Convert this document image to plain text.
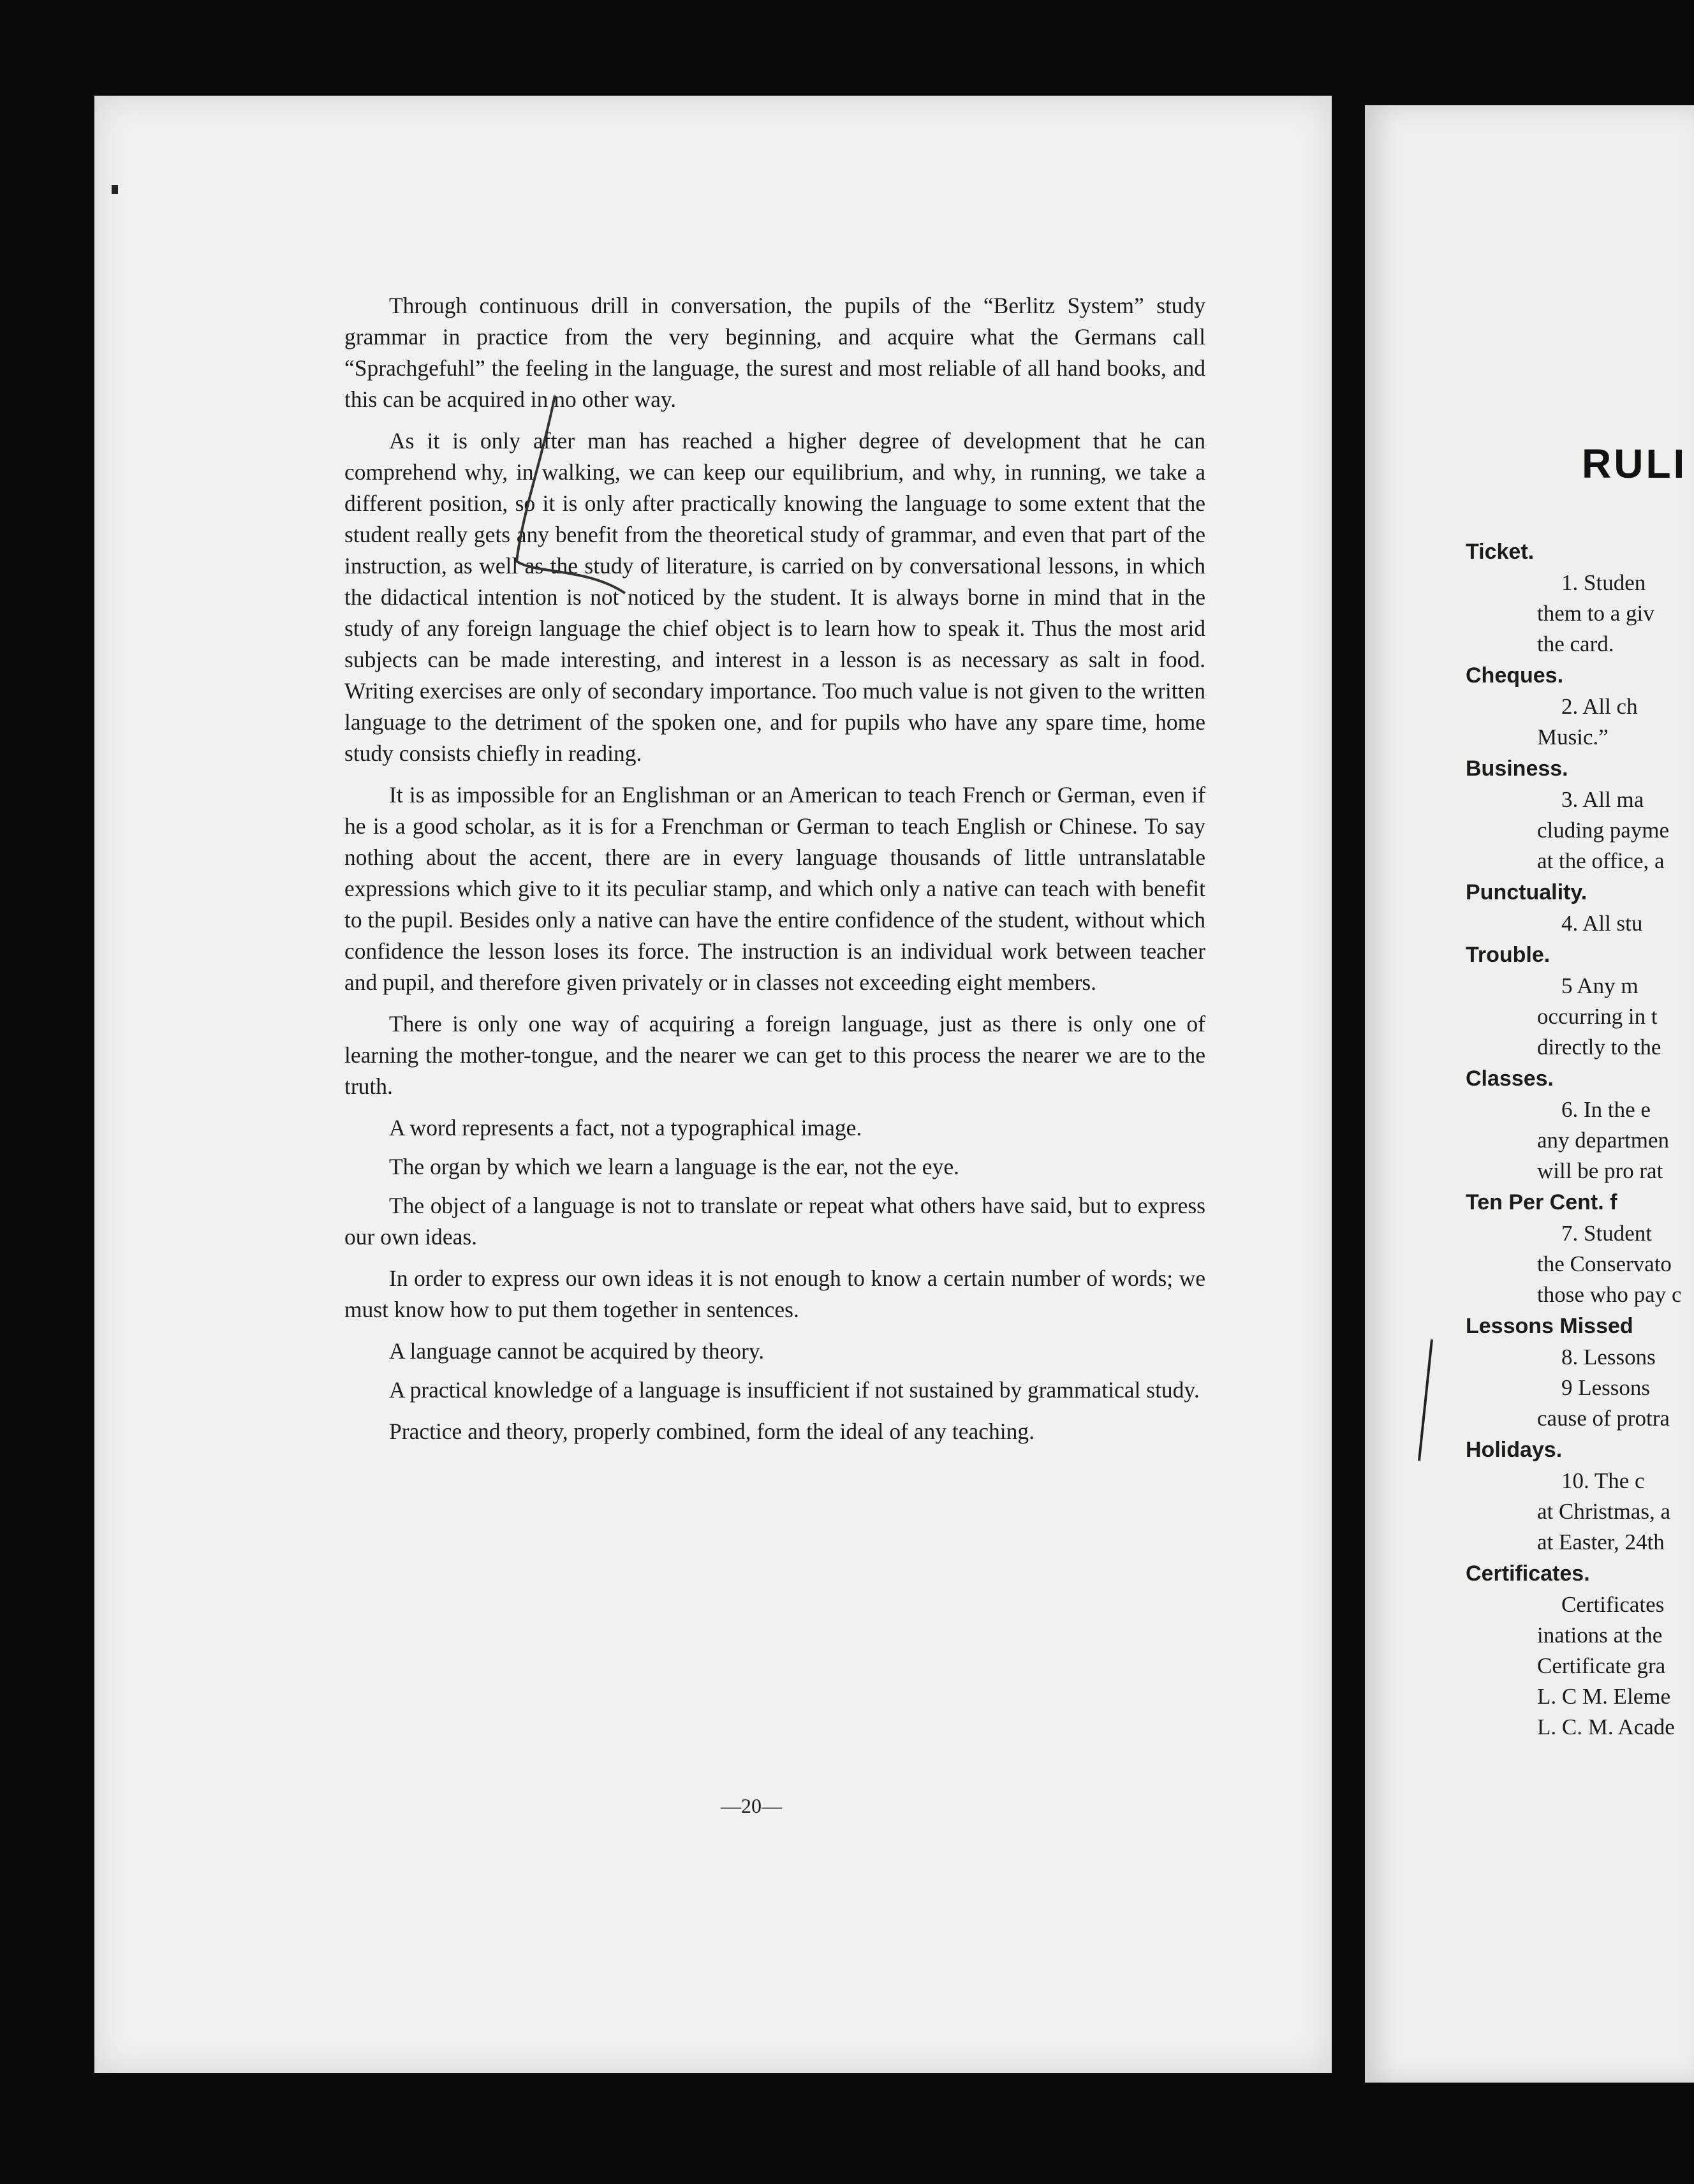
Through continuous drill in conversation, the pupils of the “Berlitz System” study grammar in practice from the very beginning, and acquire what the Germans call “Sprachgefuhl” the feeling in the language, the surest and most reliable of all hand books, and this can be acquired in no other way.

As it is only after man has reached a higher degree of development that he can comprehend why, in walking, we can keep our equilibrium, and why, in running, we take a different position, so it is only after practically knowing the language to some extent that the student really gets any benefit from the theoretical study of grammar, and even that part of the instruction, as well as the study of literature, is carried on by conversational lessons, in which the didactical intention is not noticed by the student. It is always borne in mind that in the study of any foreign language the chief object is to learn how to speak it. Thus the most arid subjects can be made interesting, and interest in a lesson is as necessary as salt in food. Writing exercises are only of secondary importance. Too much value is not given to the written language to the detriment of the spoken one, and for pupils who have any spare time, home study consists chiefly in reading.

It is as impossible for an Englishman or an American to teach French or German, even if he is a good scholar, as it is for a Frenchman or German to teach English or Chinese. To say nothing about the accent, there are in every language thousands of little untranslatable expressions which give to it its peculiar stamp, and which only a native can teach with benefit to the pupil. Besides only a native can have the entire confidence of the student, without which confidence the lesson loses its force. The instruction is an individual work between teacher and pupil, and therefore given privately or in classes not exceeding eight members.

There is only one way of acquiring a foreign language, just as there is only one of learning the mother-tongue, and the nearer we can get to this process the nearer we are to the truth.

A word represents a fact, not a typographical image.

The organ by which we learn a language is the ear, not the eye.

The object of a language is not to translate or repeat what others have said, but to express our own ideas.

In order to express our own ideas it is not enough to know a certain number of words; we must know how to put them together in sentences.

A language cannot be acquired by theory.

A practical knowledge of a language is insufficient if not sustained by grammatical study.

Practice and theory, properly combined, form the ideal of any teaching.

—20—
RULI
Ticket.
1. Studen
them to a giv
the card.
Cheques.
2. All ch
Music.”
Business.
3. All ma
cluding payme
at the office, a
Punctuality.
4. All stu
Trouble.
5 Any m
occurring in t
directly to the
Classes.
6. In the e
any departmen
will be pro rat
Ten Per Cent. f
7. Student
the Conservato
those who pay c
Lessons Missed
8. Lessons
9 Lessons
cause of protra
Holidays.
10. The c
at Christmas, a
at Easter, 24th
Certificates.
Certificates
inations at the
Certificate gra
L. C M. Eleme
L. C. M. Acade
